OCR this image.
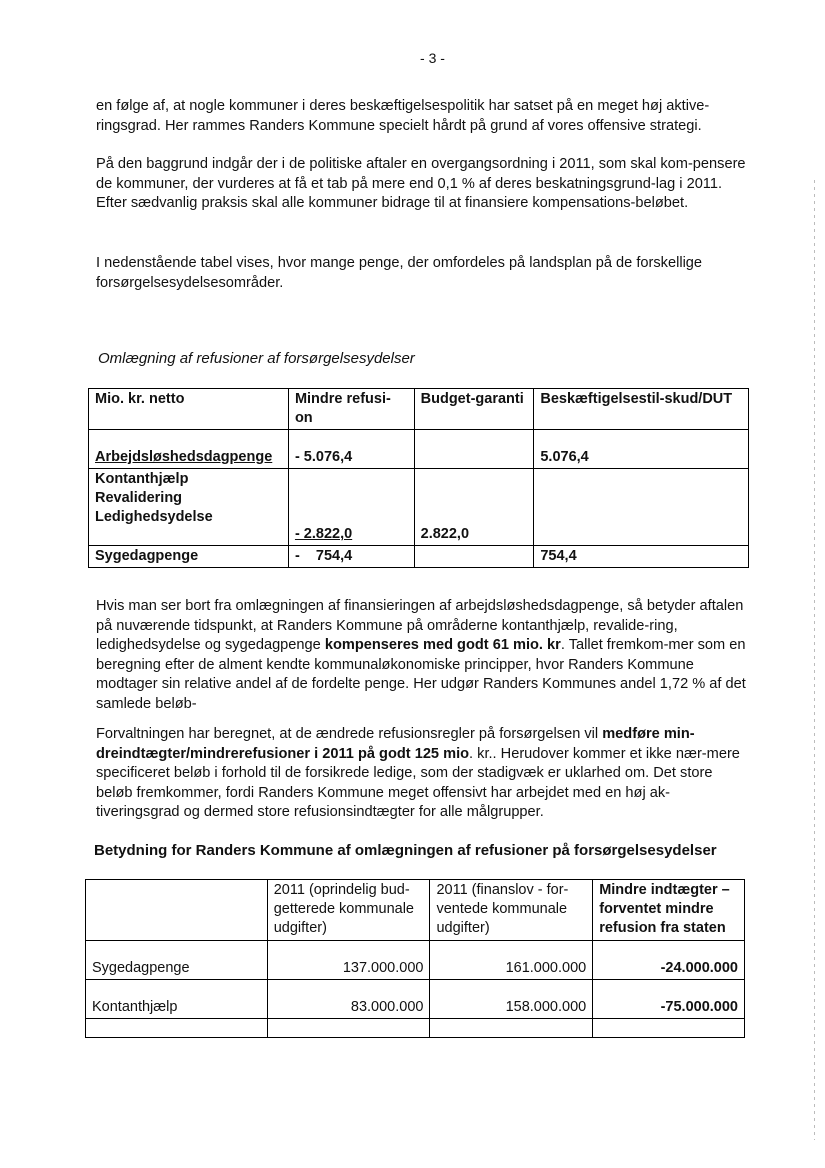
- 3 -

en følge af, at nogle kommuner i deres beskæftigelsespolitik har satset på en meget høj aktive-ringsgrad. Her rammes Randers Kommune specielt hårdt på grund af vores offensive strategi.

På den baggrund indgår der i de politiske aftaler en overgangsordning i 2011, som skal kom-pensere de kommuner, der vurderes at få et tab på mere end 0,1 % af deres beskatningsgrund-lag i 2011. Efter sædvanlig praksis skal alle kommuner bidrage til at finansiere kompensations-beløbet.

I nedenstående tabel vises, hvor mange penge, der omfordeles på landsplan på de forskellige forsørgelsesydelsesområder.

Omlægning af refusioner af forsørgelsesydelser

Mio. kr. netto	Mindre refusi-on	Budget-garanti	Beskæftigelsestil-skud/DUT
Arbejdsløshedsdagpenge	- 5.076,4		5.076,4

Kontanthjælp
Revalidering
Ledighedsydelse	- 2.822,0	2.822,0	
Sygedagpenge	-    754,4		754,4

Hvis man ser bort fra omlægningen af finansieringen af arbejdsløshedsdagpenge, så betyder aftalen på nuværende tidspunkt, at Randers Kommune på områderne kontanthjælp, revalide-ring, ledighedsydelse og sygedagpenge kompenseres med godt 61 mio. kr. Tallet fremkom-mer som en beregning efter de alment kendte kommunaløkonomiske principper, hvor Randers Kommune modtager sin relative andel af de fordelte penge. Her udgør Randers Kommunes andel 1,72 % af det samlede beløb-

Forvaltningen har beregnet, at de ændrede refusionsregler på forsørgelsen vil medføre min-dreindtægter/mindrerefusioner i 2011 på godt 125 mio. kr.. Herudover kommer et ikke nær-mere specificeret beløb i forhold til de forsikrede ledige, som der stadigvæk er uklarhed om. Det store beløb fremkommer, fordi Randers Kommune meget offensivt har arbejdet med en høj ak-tiveringsgrad og dermed store refusionsindtægter for alle målgrupper.

Betydning for Randers Kommune af omlægningen af refusioner på forsørgelsesydelser

	2011 (oprindelig bud-getterede kommunale udgifter)	2011 (finanslov - for-ventede kommunale udgifter)	Mindre indtægter – forventet mindre refusion fra staten
Sygedagpenge	137.000.000	161.000.000	-24.000.000
Kontanthjælp	83.000.000	158.000.000	-75.000.000
